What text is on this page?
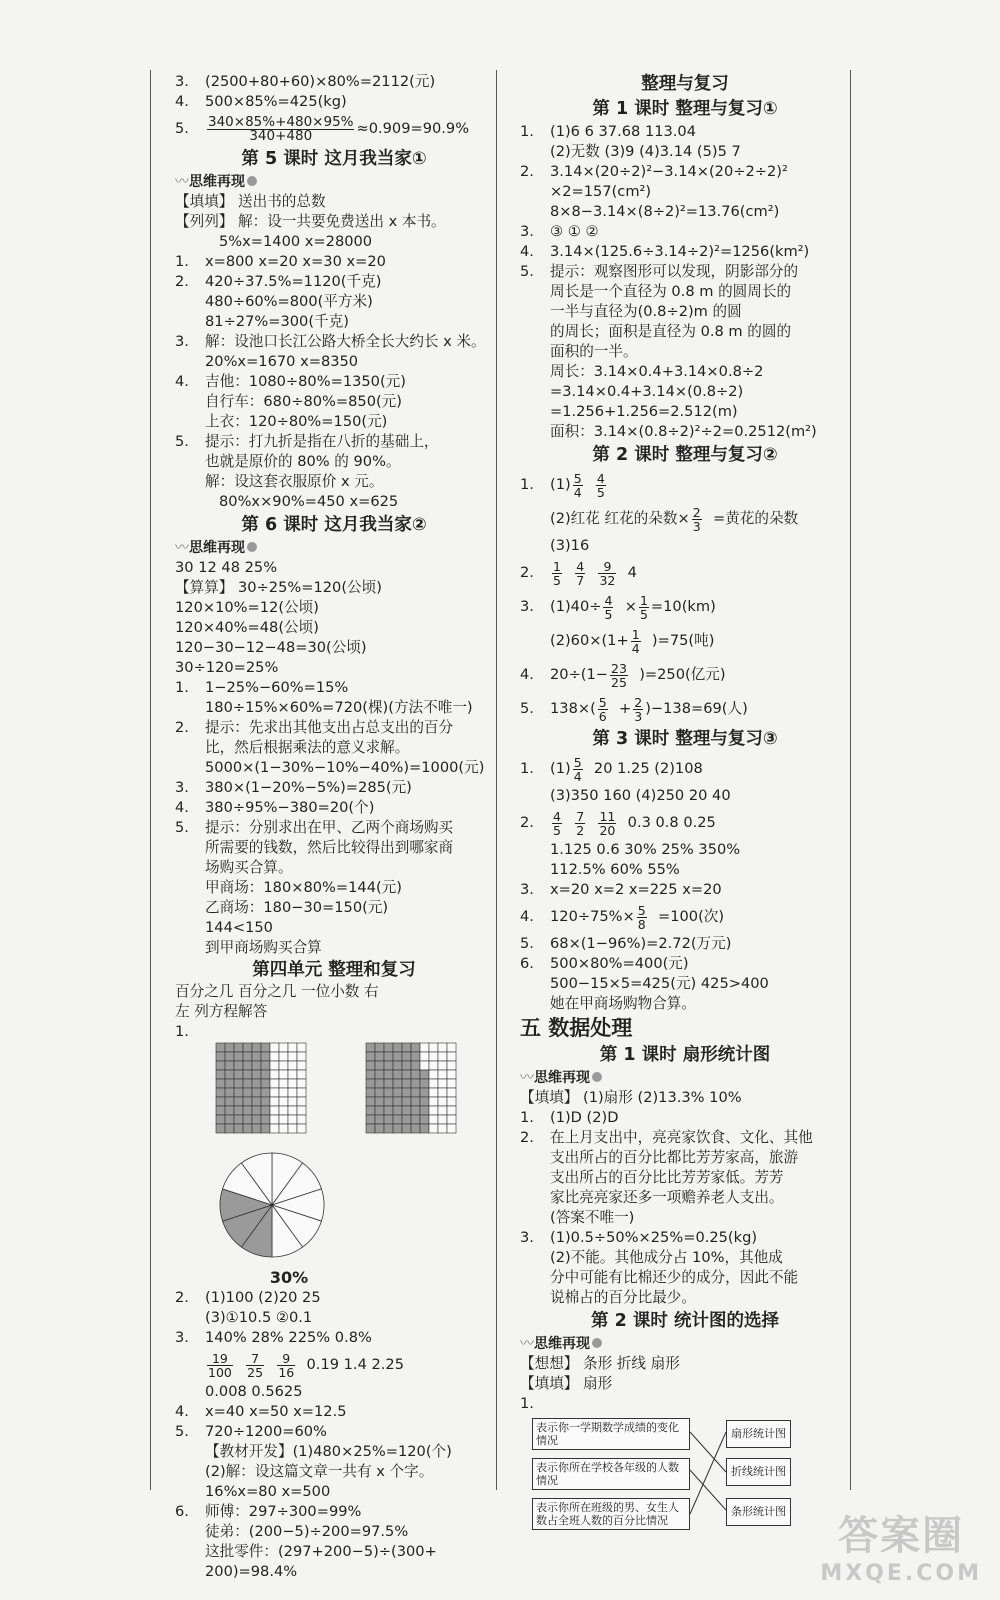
3. (2500+80+60)×80%=2112(元)
4. 500×85%=425(kg)
5. $\frac{340\times 85\%+480\times 95\%}{340+480} \approx 0.909=90.9\%$
第 5 课时 这月我当家①
〰思维再现
【填填】 送出书的总数
【列列】 解：设一共要免费送出 x 本书。
5%x=1400 x=28000
1. x=800 x=20 x=30 x=20
2. 420÷37.5%=1120(千克)
480÷60%=800(平方米)
81÷27%=300(千克)
3. 解：设池口长江公路大桥全长大约长 x 米。
20%x=1670 x=8350
4. 吉他：1080÷80%=1350(元)
自行车：680÷80%=850(元)
上衣：120÷80%=150(元)
5. 提示：打九折是指在八折的基础上，
也就是原价的 80% 的 90%。
解：设这套衣服原价 x 元。
80%x×90%=450 x=625
第 6 课时 这月我当家②
〰思维再现
30 12 48 25%
【算算】 30÷25%=120(公顷)
120×10%=12(公顷)
120×40%=48(公顷)
120−30−12−48=30(公顷)
30÷120=25%
1. 1−25%−60%=15%
180÷15%×60%=720(棵)(方法不唯一)
2. 提示：先求出其他支出占总支出的百分
比，然后根据乘法的意义求解。
5000×(1−30%−10%−40%)=1000(元)
3. 380×(1−20%−5%)=285(元)
4. 380÷95%−380=20(个)
5. 提示：分别求出在甲、乙两个商场购买
所需要的钱数，然后比较得出到哪家商
场购买合算。
甲商场：180×80%=144(元)
乙商场：180−30=150(元)
144<150
到甲商场购买合算
第四单元 整理和复习
百分之几 百分之几 一位小数 右
左 列方程解答
1.
30%
2. (1)100 (2)20 25
(3)①10.5 ②0.1
3. 140% 28% 225% 0.8%
$\frac{19}{100}$
$\frac{7}{25}$
$\frac{9}{16} 0.19$ 1.4 2.25
0.008 0.5625
4. x=40 x=50 x=12.5
5. 720÷1200=60%
【教材开发】(1)480×25%=120(个)
(2)解：设这篇文章一共有 x 个字。
16%x=80 x=500
6. 师傅：297÷300=99%
徒弟：(200−5)÷200=97.5%
这批零件：(297+200−5)÷(300+
200)=98.4%
整理与复习
第 1 课时 整理与复习①
1. (1)6 6 37.68 113.04
(2)无数 (3)9 (4)3.14 (5)5 7
2. 3.14×(20÷2)²−3.14×(20÷2÷2)²
×2=157(cm²)
8×8−3.14×(8÷2)²=13.76(cm²)
3. ③ ① ②
4. 3.14×(125.6÷3.14÷2)²=1256(km²)
5. 提示：观察图形可以发现，阴影部分的
周长是一个直径为 0.8 m 的圆周长的
一半与直径为(0.8÷2)m 的圆
的周长；面积是直径为 0.8 m 的圆的
面积的一半。
周长：3.14×0.4+3.14×0.8÷2
=3.14×0.4+3.14×(0.8÷2)
=1.256+1.256=2.512(m)
面积：3.14×(0.8÷2)²÷2=0.2512(m²)
第 2 课时 整理与复习②
1. $(1) \frac{5}{4}$
$\frac{4}{5}$

(2)红花 红花的朵数× $\frac{2}{3}$ =黄花的朵数
(3)16
2. $\frac{1}{5}$
$\frac{4}{7}$
$\frac{9}{32} 4$
3. $(1)40\div \frac{4}{5} \times \frac{1}{5} =10(km)$
$(2)60\times(1+ \frac{1}{4} )=75$(吨)
4. $20\div(1- \frac{23}{25} )=250$(亿元)
5. $138\times( \frac{5}{6} + \frac{2}{3} )-138=69$(人)
第 3 课时 整理与复习③
1. $(1) \frac{5}{4} 20$ 1.25 (2)108
(3)350 160 (4)250 20 40
2. $\frac{4}{5}$
$\frac{7}{2}$
$\frac{11}{20} 0.3$ 0.8 0.25
1.125 0.6 30% 25% 350%
112.5% 60% 55%
3. x=20 x=2 x=225 x=20
4. $120\div 75\%\times \frac{5}{8} =100$(次)
5. 68×(1−96%)=2.72(万元)
6. 500×80%=400(元)
500−15×5=425(元) 425>400
她在甲商场购物合算。
五 数据处理
第 1 课时 扇形统计图
〰思维再现
【填填】 (1)扇形 (2)13.3% 10%
1. (1)D (2)D
2. 在上月支出中，亮亮家饮食、文化、其他
支出所占的百分比都比芳芳家高，旅游
支出所占的百分比比芳芳家低。芳芳
家比亮亮家还多一项赡养老人支出。
(答案不唯一)
3. (1)0.5÷50%×25%=0.25(kg)
(2)不能。其他成分占 10%，其他成
分中可能有比棉还少的成分，因此不能
说棉占的百分比最少。
第 2 课时 统计图的选择
〰思维再现
【想想】 条形 折线 扇形
【填填】 扇形
1.
表示你一学期数学成绩的变化情况
表示你所在学校各年级的人数情况
表示你所在班级的男、女生人数占全班人数的百分比情况
扇形统计图
折线统计图
条形统计图
答案圈
MXQE.COM
